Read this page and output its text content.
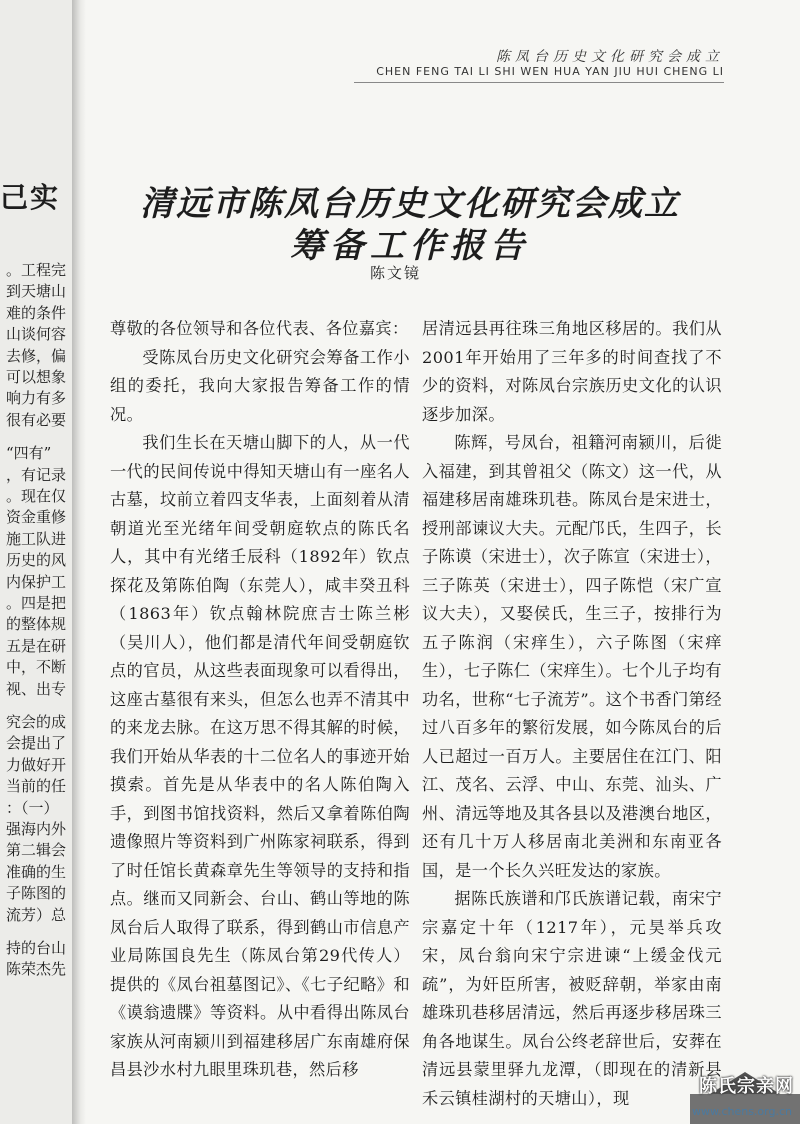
己实
。工程完
到天塘山
难的条件
山谈何容
去修，偏
可以想象
响力有多
很有必要
“四有”
，有记录
。现在仅
资金重修
施工队进
历史的风
内保护工
。四是把
的整体规
五是在研
中，不断
视、出专
究会的成
会提出了
力做好开
当前的任
：（一）
强海内外
第二辑会
准确的生
子陈图的
流芳）总
持的台山
陈荣杰先
陈凤台历史文化研究会成立
CHEN FENG TAI LI SHI WEN HUA YAN JIU HUI CHENG LI
清远市陈凤台历史文化研究会成立
筹备工作报告
陈文镜

尊敬的各位领导和各位代表、各位嘉宾：

受陈凤台历史文化研究会筹备工作小组的委托，我向大家报告筹备工作的情况。

我们生长在天塘山脚下的人，从一代一代的民间传说中得知天塘山有一座名人古墓，坟前立着四支华表，上面刻着从清朝道光至光绪年间受朝庭软点的陈氏名人，其中有光绪壬辰科（1892年）钦点探花及第陈伯陶（东莞人），咸丰癸丑科（1863年）钦点翰林院庶吉士陈兰彬（吴川人），他们都是清代年间受朝庭钦点的官员，从这些表面现象可以看得出，这座古墓很有来头，但怎么也弄不清其中的来龙去脉。在这万思不得其解的时候，我们开始从华表的十二位名人的事迹开始摸索。首先是从华表中的名人陈伯陶入手，到图书馆找资料，然后又拿着陈伯陶遗像照片等资料到广州陈家祠联系，得到了时任馆长黄森章先生等领导的支持和指点。继而又同新会、台山、鹤山等地的陈凤台后人取得了联系，得到鹤山市信息产业局陈国良先生（陈凤台第29代传人）提供的《凤台祖墓图记》、《七子纪略》和《谟翁遗牒》等资料。从中看得出陈凤台家族从河南颍川到福建移居广东南雄府保昌县沙水村九眼里珠玑巷，然后移

居清远县再往珠三角地区移居的。我们从2001年开始用了三年多的时间查找了不少的资料，对陈凤台宗族历史文化的认识逐步加深。

陈辉，号凤台，祖籍河南颍川，后徙入福建，到其曾祖父（陈文）这一代，从福建移居南雄珠玑巷。陈凤台是宋进士，授刑部谏议大夫。元配邝氏，生四子，长子陈谟（宋进士），次子陈宣（宋进士），三子陈英（宋进士），四子陈恺（宋广宣议大夫），又娶侯氏，生三子，按排行为五子陈润（宋痒生），六子陈图（宋痒生），七子陈仁（宋痒生）。七个儿子均有功名，世称“七子流芳”。这个书香门第经过八百多年的繁衍发展，如今陈凤台的后人已超过一百万人。主要居住在江门、阳江、茂名、云浮、中山、东莞、汕头、广州、清远等地及其各县以及港澳台地区，还有几十万人移居南北美洲和东南亚各国，是一个长久兴旺发达的家族。

据陈氏族谱和邝氏族谱记载，南宋宁宗嘉定十年（1217年），元昊举兵攻宋，凤台翁向宋宁宗进谏“上缓金伐元疏”，为奸臣所害，被贬辞朝，举家由南雄珠玑巷移居清远，然后再逐步移居珠三角各地谋生。凤台公终老辞世后，安葬在清远县蒙里驿九龙潭，（即现在的清新县禾云镇桂湖村的天塘山），现

陈氏宗亲网
www.chens.org.cn
